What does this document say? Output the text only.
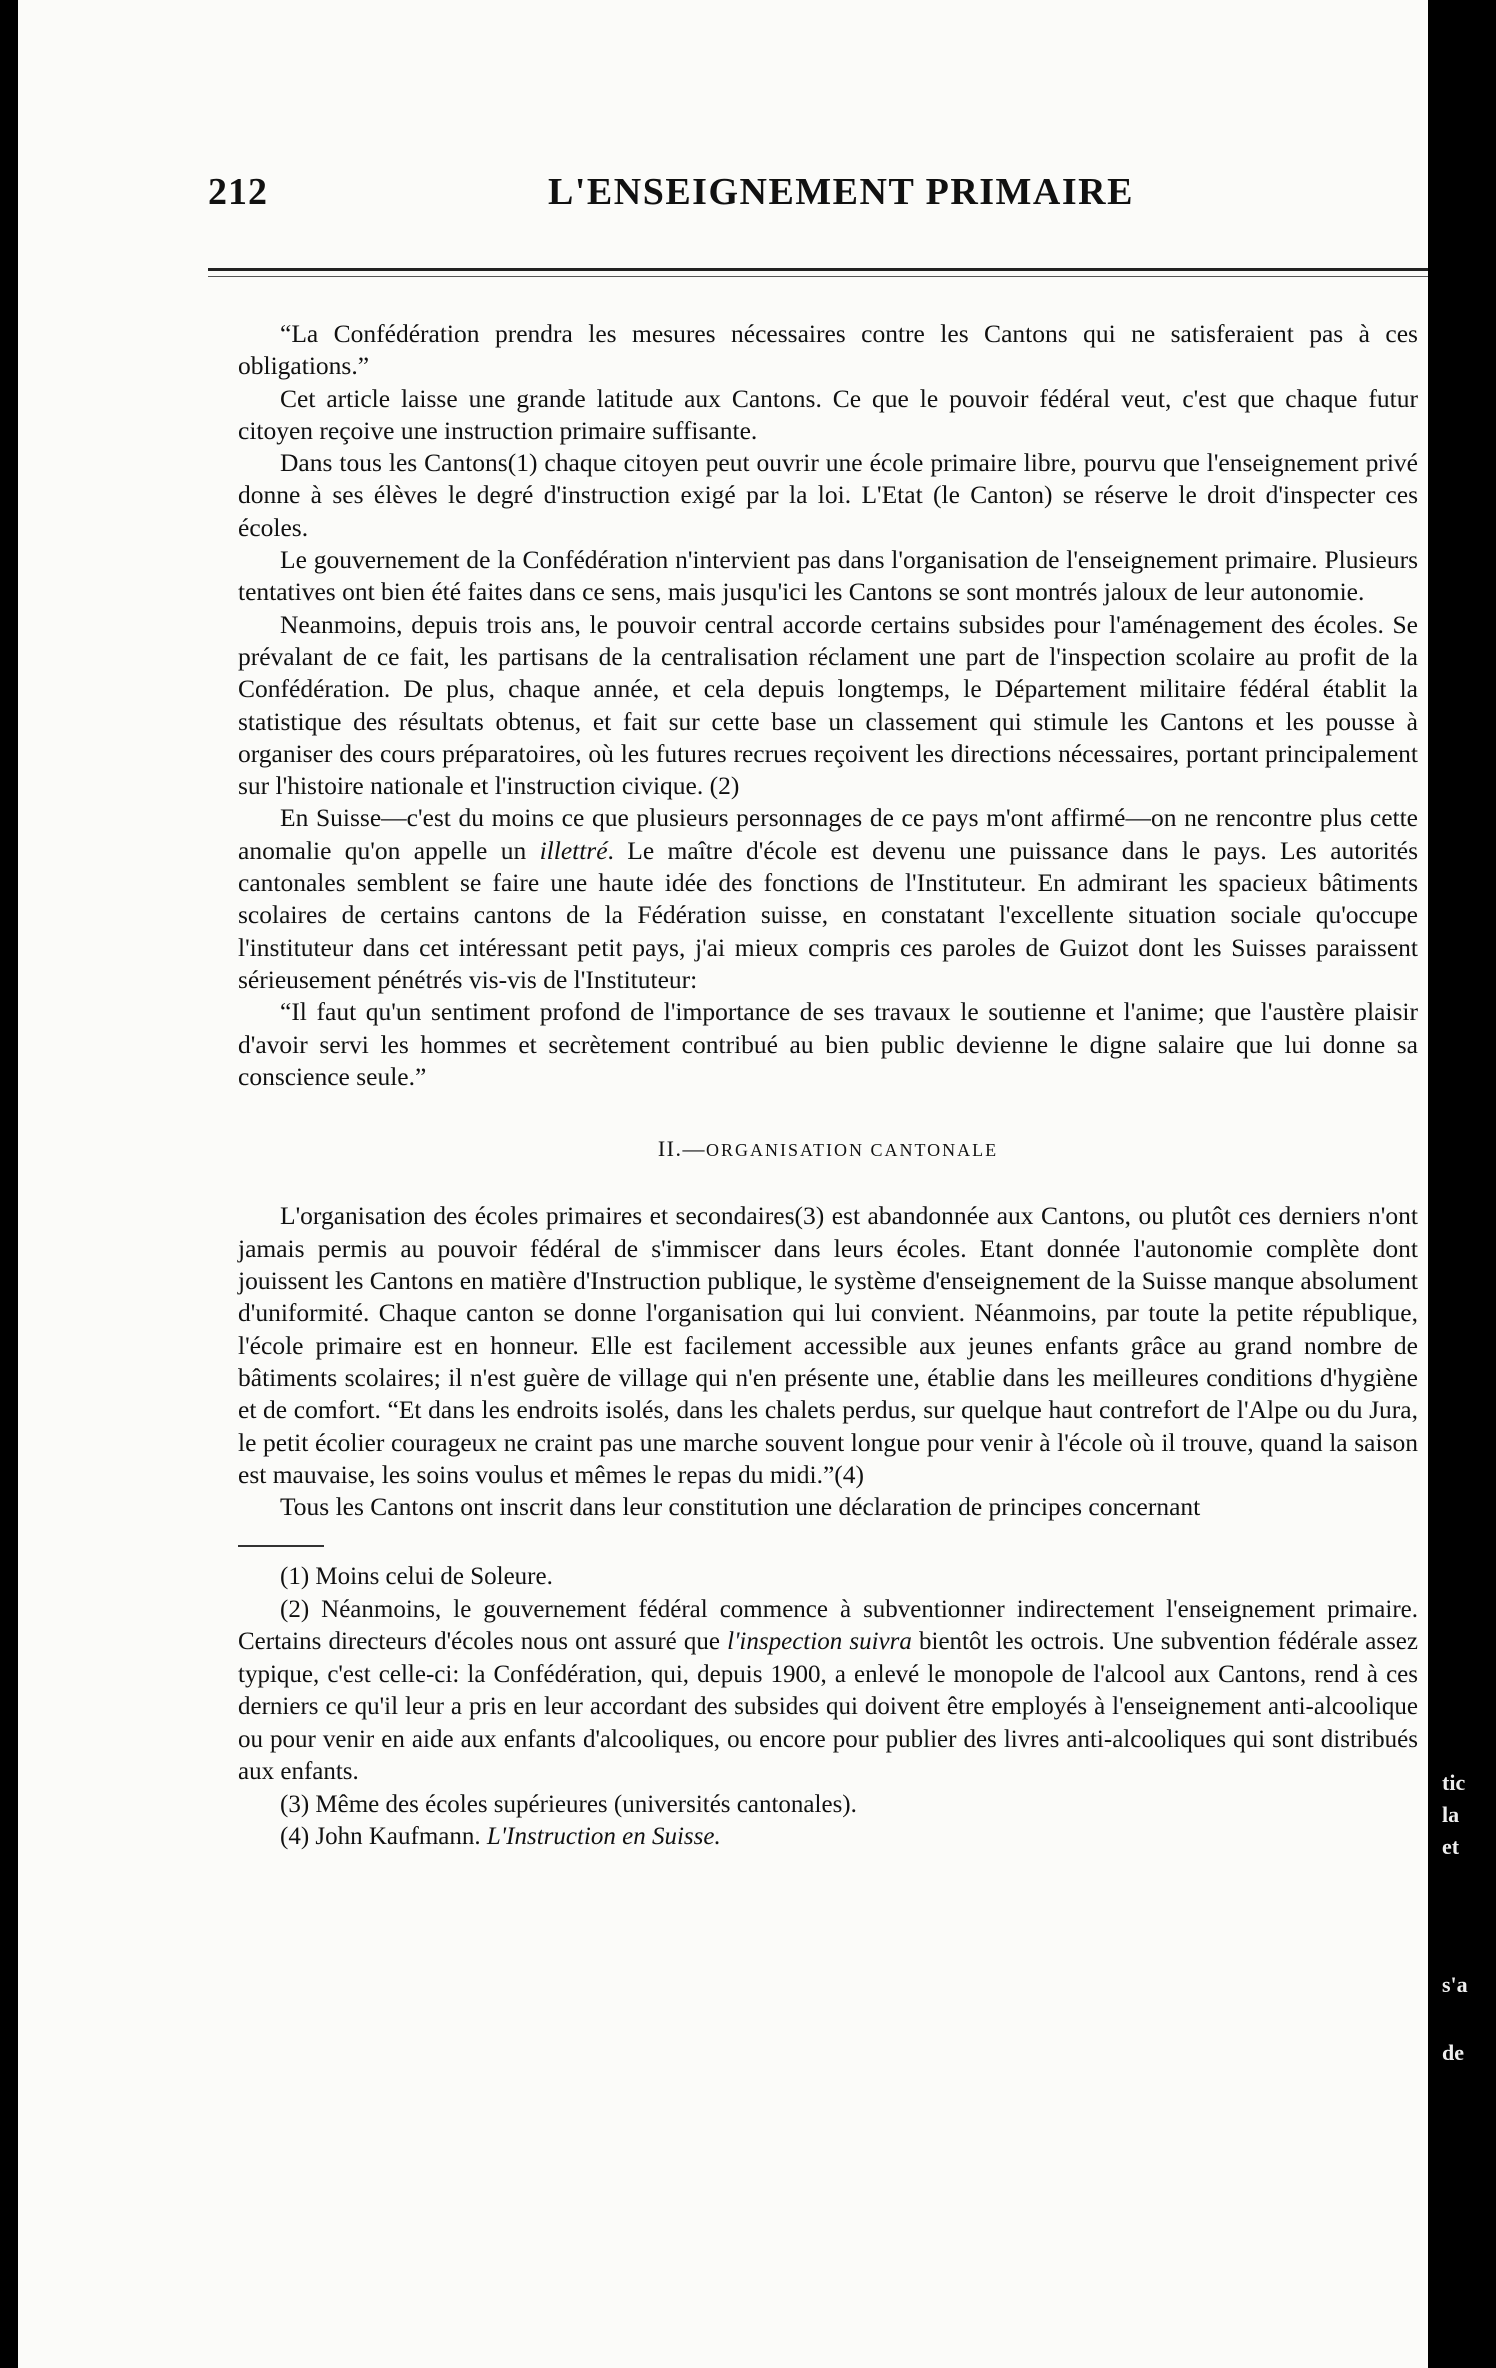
212	L'ENSEIGNEMENT PRIMAIRE

“La Confédération prendra les mesures nécessaires contre les Cantons qui ne satisferaient pas à ces obligations.”

Cet article laisse une grande latitude aux Cantons. Ce que le pouvoir fédéral veut, c'est que chaque futur citoyen reçoive une instruction primaire suffisante.

Dans tous les Cantons(1) chaque citoyen peut ouvrir une école primaire libre, pourvu que l'enseignement privé donne à ses élèves le degré d'instruction exigé par la loi. L'Etat (le Canton) se réserve le droit d'inspecter ces écoles.

Le gouvernement de la Confédération n'intervient pas dans l'organisation de l'enseignement primaire. Plusieurs tentatives ont bien été faites dans ce sens, mais jusqu'ici les Cantons se sont montrés jaloux de leur autonomie.

Neanmoins, depuis trois ans, le pouvoir central accorde certains subsides pour l'aménagement des écoles. Se prévalant de ce fait, les partisans de la centralisation réclament une part de l'inspection scolaire au profit de la Confédération. De plus, chaque année, et cela depuis longtemps, le Département militaire fédéral établit la statistique des résultats obtenus, et fait sur cette base un classement qui stimule les Cantons et les pousse à organiser des cours préparatoires, où les futures recrues reçoivent les directions nécessaires, portant principalement sur l'histoire nationale et l'instruction civique. (2)

En Suisse—c'est du moins ce que plusieurs personnages de ce pays m'ont affirmé—on ne rencontre plus cette anomalie qu'on appelle un illettré. Le maître d'école est devenu une puissance dans le pays. Les autorités cantonales semblent se faire une haute idée des fonctions de l'Instituteur. En admirant les spacieux bâtiments scolaires de certains cantons de la Fédération suisse, en constatant l'excellente situation sociale qu'occupe l'instituteur dans cet intéressant petit pays, j'ai mieux compris ces paroles de Guizot dont les Suisses paraissent sérieusement pénétrés vis-vis de l'Instituteur:

“Il faut qu'un sentiment profond de l'importance de ses travaux le soutienne et l'anime; que l'austère plaisir d'avoir servi les hommes et secrètement contribué au bien public devienne le digne salaire que lui donne sa conscience seule.”

II.—ORGANISATION CANTONALE

L'organisation des écoles primaires et secondaires(3) est abandonnée aux Cantons, ou plutôt ces derniers n'ont jamais permis au pouvoir fédéral de s'immiscer dans leurs écoles. Etant donnée l'autonomie complète dont jouissent les Cantons en matière d'Instruction publique, le système d'enseignement de la Suisse manque absolument d'uniformité. Chaque canton se donne l'organisation qui lui convient. Néanmoins, par toute la petite république, l'école primaire est en honneur. Elle est facilement accessible aux jeunes enfants grâce au grand nombre de bâtiments scolaires; il n'est guère de village qui n'en présente une, établie dans les meilleures conditions d'hygiène et de comfort. “Et dans les endroits isolés, dans les chalets perdus, sur quelque haut contrefort de l'Alpe ou du Jura, le petit écolier courageux ne craint pas une marche souvent longue pour venir à l'école où il trouve, quand la saison est mauvaise, les soins voulus et mêmes le repas du midi.”(4)

Tous les Cantons ont inscrit dans leur constitution une déclaration de principes concernant

(1) Moins celui de Soleure.

(2) Néanmoins, le gouvernement fédéral commence à subventionner indirectement l'enseignement primaire. Certains directeurs d'écoles nous ont assuré que l'inspection suivra bientôt les octrois. Une subvention fédérale assez typique, c'est celle-ci: la Confédération, qui, depuis 1900, a enlevé le monopole de l'alcool aux Cantons, rend à ces derniers ce qu'il leur a pris en leur accordant des subsides qui doivent être employés à l'enseignement anti-alcoolique ou pour venir en aide aux enfants d'alcooliques, ou encore pour publier des livres anti-alcooliques qui sont distribués aux enfants.

(3) Même des écoles supérieures (universités cantonales).

(4) John Kaufmann. L'Instruction en Suisse.

tic
la
et
s'a
de
